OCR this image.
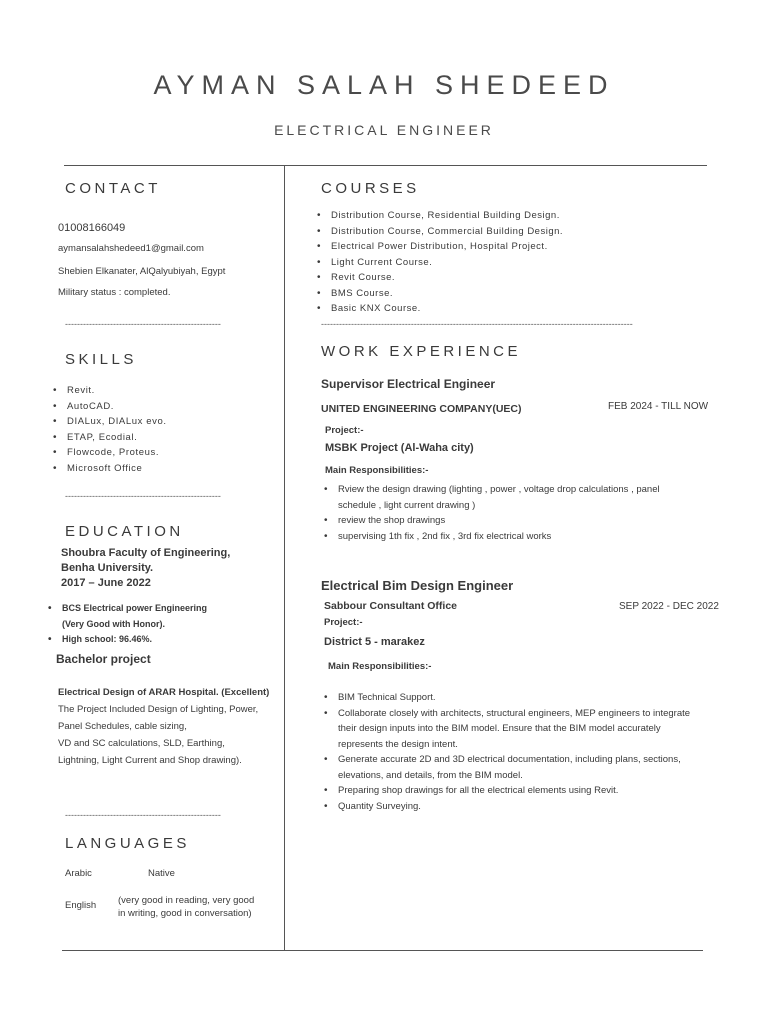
AYMAN SALAH SHEDEED
ELECTRICAL ENGINEER
CONTACT
01008166049
aymansalahshedeed1@gmail.com
Shebien Elkanater, AlQalyubiyah, Egypt
Military status : completed.
----------------------------------------------------
SKILLS
• Revit.
• AutoCAD.
• DIALux, DIALux evo.
• ETAP, Ecodial.
• Flowcode, Proteus.
• Microsoft Office
----------------------------------------------------
EDUCATION
Shoubra Faculty of Engineering,
Benha University.
2017 – June 2022
• BCS Electrical power Engineering
(Very Good with Honor).
• High school: 96.46%.
Bachelor project

Electrical Design of ARAR Hospital. (Excellent)

The Project Included Design of Lighting, Power,

Panel Schedules, cable sizing,

VD and SC calculations, SLD, Earthing,

Lightning, Light Current and Shop drawing).

----------------------------------------------------
LANGUAGES
Arabic	Native
English (very good in reading, very good
in writing, good in conversation)
COURSES
• Distribution Course, Residential Building Design.
• Distribution Course, Commercial Building Design.
• Electrical Power Distribution, Hospital Project.
• Light Current Course.
• Revit Course.
• BMS Course.
• Basic KNX Course.
--------------------------------------------------------------------------------------------------------
WORK EXPERIENCE
Supervisor Electrical Engineer
UNITED ENGINEERING COMPANY(UEC)	FEB 2024 - TILL NOW
Project:-
MSBK Project (Al-Waha city)
Main Responsibilities:-
• Rview the design drawing (lighting , power , voltage drop calculations , panel schedule , light current drawing )
• review the shop drawings
• supervising 1th fix , 2nd fix , 3rd fix electrical works
Electrical Bim Design Engineer
Sabbour Consultant Office	SEP 2022 - DEC 2022
Project:-
District 5 - marakez
Main Responsibilities:-
• BIM Technical Support.
• Collaborate closely with architects, structural engineers, MEP engineers to integrate their design inputs into the BIM model. Ensure that the BIM model accurately represents the design intent.
• Generate accurate 2D and 3D electrical documentation, including plans, sections, elevations, and details, from the BIM model.
• Preparing shop drawings for all the electrical elements using Revit.
• Quantity Surveying.
